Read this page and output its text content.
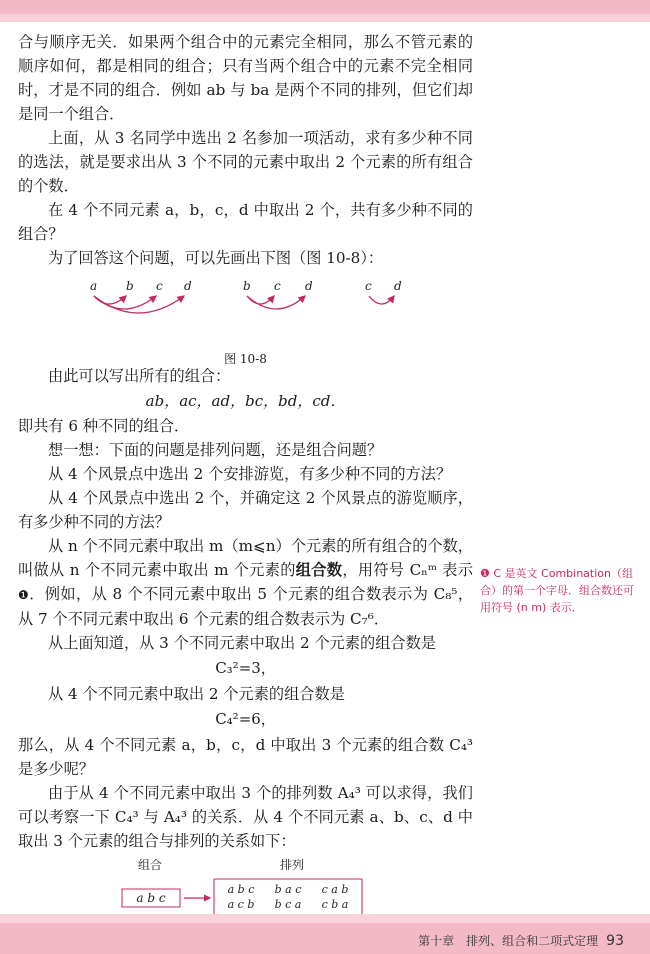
合与顺序无关．如果两个组合中的元素完全相同，那么不管元素的顺序如何，都是相同的组合；只有当两个组合中的元素不完全相同时，才是不同的组合．例如 ab 与 ba 是两个不同的排列，但它们却是同一个组合．

上面，从 3 名同学中选出 2 名参加一项活动，求有多少种不同的选法，就是要求出从 3 个不同的元素中取出 2 个元素的所有组合的个数．

在 4 个不同元素 a，b，c，d 中取出 2 个，共有多少种不同的组合？

为了回答这个问题，可以先画出下图（图 10-8）：

a b c d	b c d	c d
图 10-8

由此可以写出所有的组合：

ab，ac，ad，bc，bd，cd．

即共有 6 种不同的组合．

想一想：下面的问题是排列问题，还是组合问题？

从 4 个风景点中选出 2 个安排游览，有多少种不同的方法？

从 4 个风景点中选出 2 个，并确定这 2 个风景点的游览顺序，有多少种不同的方法？

从 n 个不同元素中取出 m（m⩽n）个元素的所有组合的个数，叫做从 n 个不同元素中取出 m 个元素的组合数，用符号 Cₙᵐ 表示❶．例如，从 8 个不同元素中取出 5 个元素的组合数表示为 C₈⁵，从 7 个不同元素中取出 6 个元素的组合数表示为 C₇⁶．

从上面知道，从 3 个不同元素中取出 2 个元素的组合数是

C₃²=3，

从 4 个不同元素中取出 2 个元素的组合数是

C₄²=6，

那么，从 4 个不同元素 a，b，c，d 中取出 3 个元素的组合数 C₄³ 是多少呢？

由于从 4 个不同元素中取出 3 个的排列数 A₄³ 可以求得，我们可以考察一下 C₄³ 与 A₄³ 的关系．从 4 个不同元素 a、b、c、d 中取出 3 个元素的组合与排列的关系如下：

组合	排列
a b c
a b c b a c c a b
a c b b c a c b a
❶ C 是英文 Combination（组合）的第一个字母．组合数还可用符号 (n m) 表示．
第十章　排列、组合和二项式定理 93
